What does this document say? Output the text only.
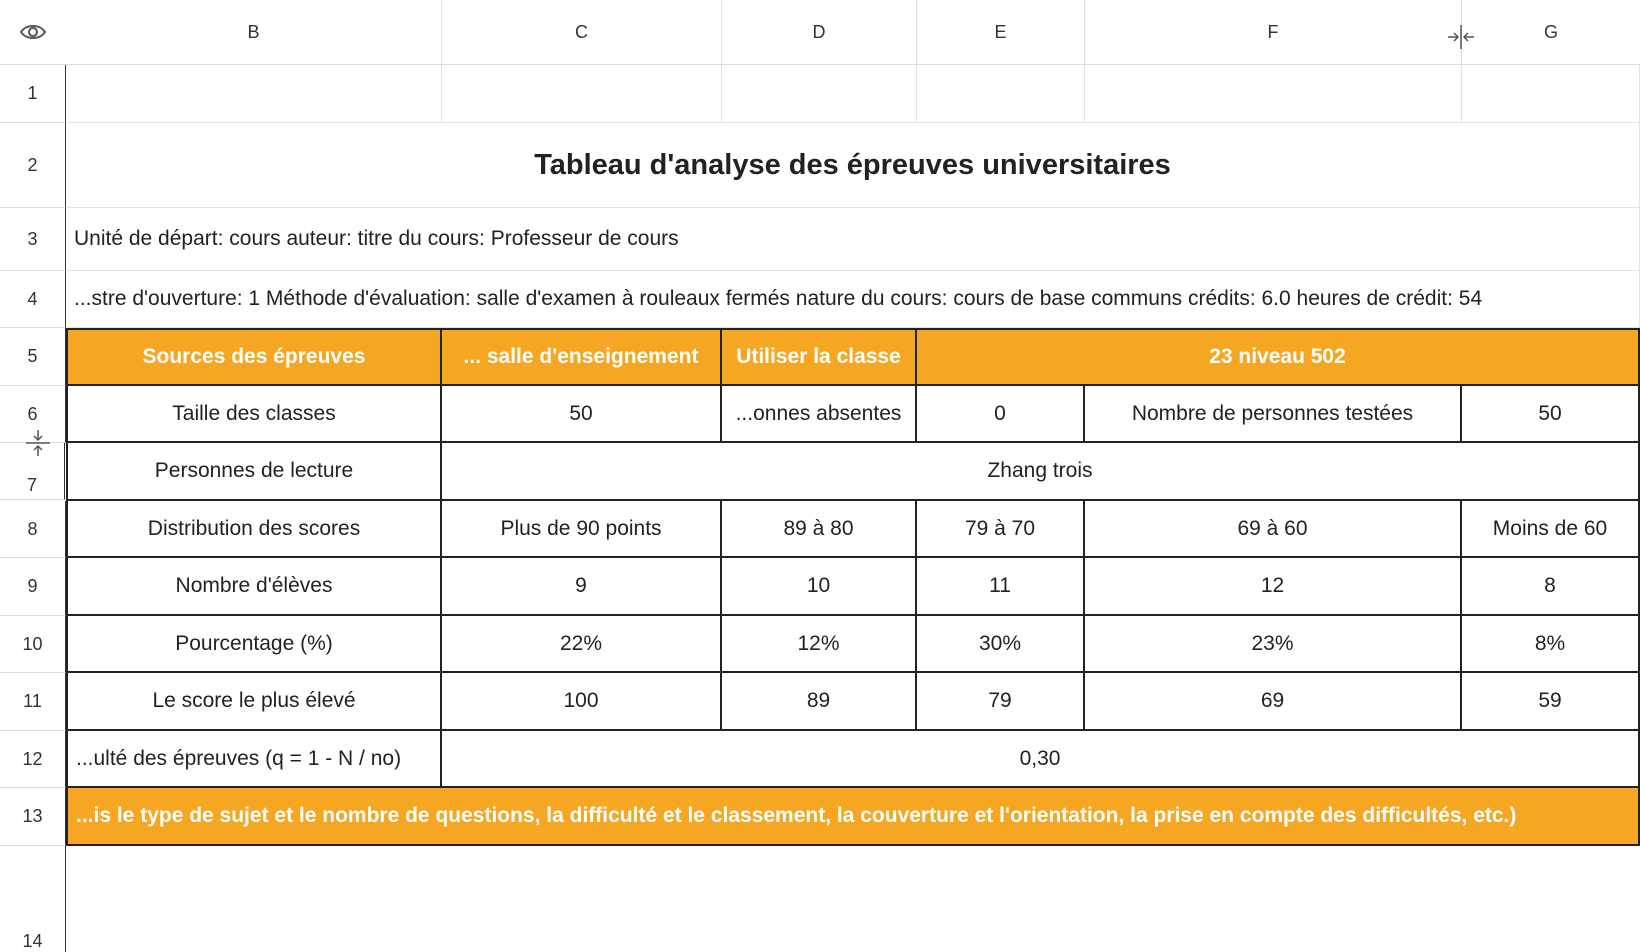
B	C	D	E	F	G
1
2
3
4
5
6
7
8
9
10
11
12
13
14
Tableau d'analyse des épreuves universitaires
Unité de départ: cours auteur: titre du cours: Professeur de cours
...stre d'ouverture: 1 Méthode d'évaluation: salle d'examen à rouleaux fermés nature du cours: cours de base communs crédits: 6.0 heures de crédit: 54
Sources des épreuves	... salle d'enseignement	Utiliser la classe	23 niveau 502
Taille des classes	50	...onnes absentes	0	Nombre de personnes testées	50
Personnes de lecture	Zhang trois
Distribution des scores	Plus de 90 points	89 à 80	79 à 70	69 à 60	Moins de 60
Nombre d'élèves	9	10	11	12	8
Pourcentage (%)	22%	12%	30%	23%	8%
Le score le plus élevé	100	89	79	69	59
...ulté des épreuves (q = 1 - N / no)	0,30
...is le type de sujet et le nombre de questions, la difficulté et le classement, la couverture et l'orientation, la prise en compte des difficultés, etc.)
